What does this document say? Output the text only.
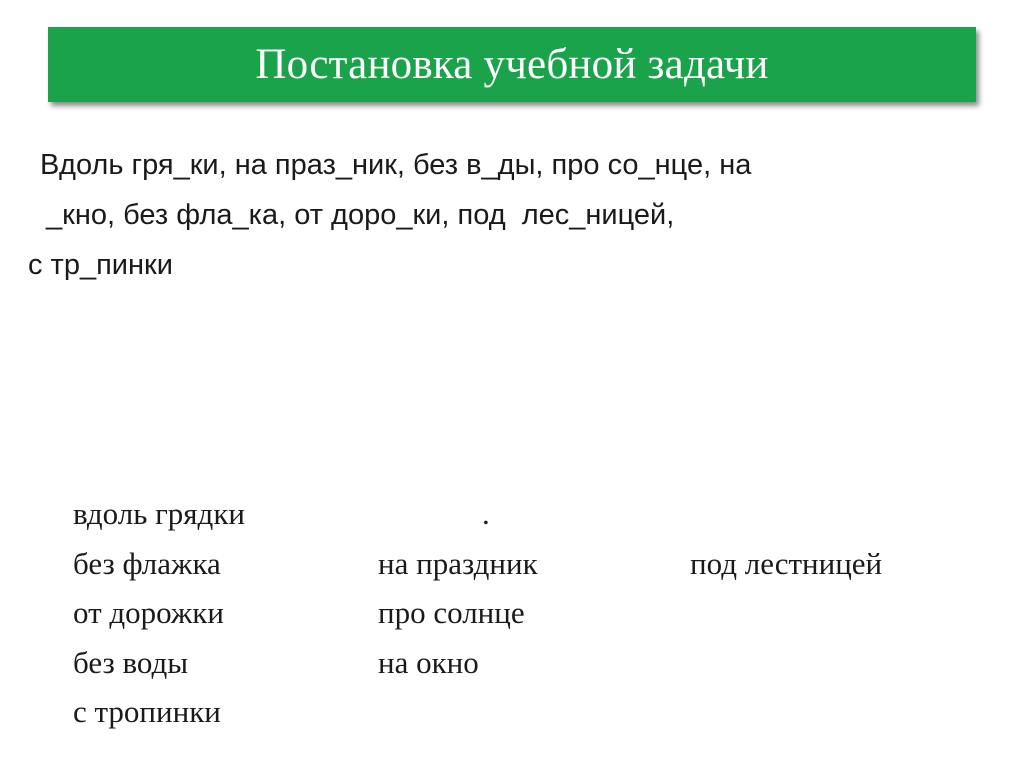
Постановка учебной задачи
Вдоль гря_ки, на праз_ник, без в_ды, про со_нце, на
_кно, без фла_ка, от доро_ки, под  лес_ницей,
с тр_пинки
.
вдоль грядки
без флажка
от дорожки
без воды
с тропинки
на праздник
про солнце
на окно
под лестницей
